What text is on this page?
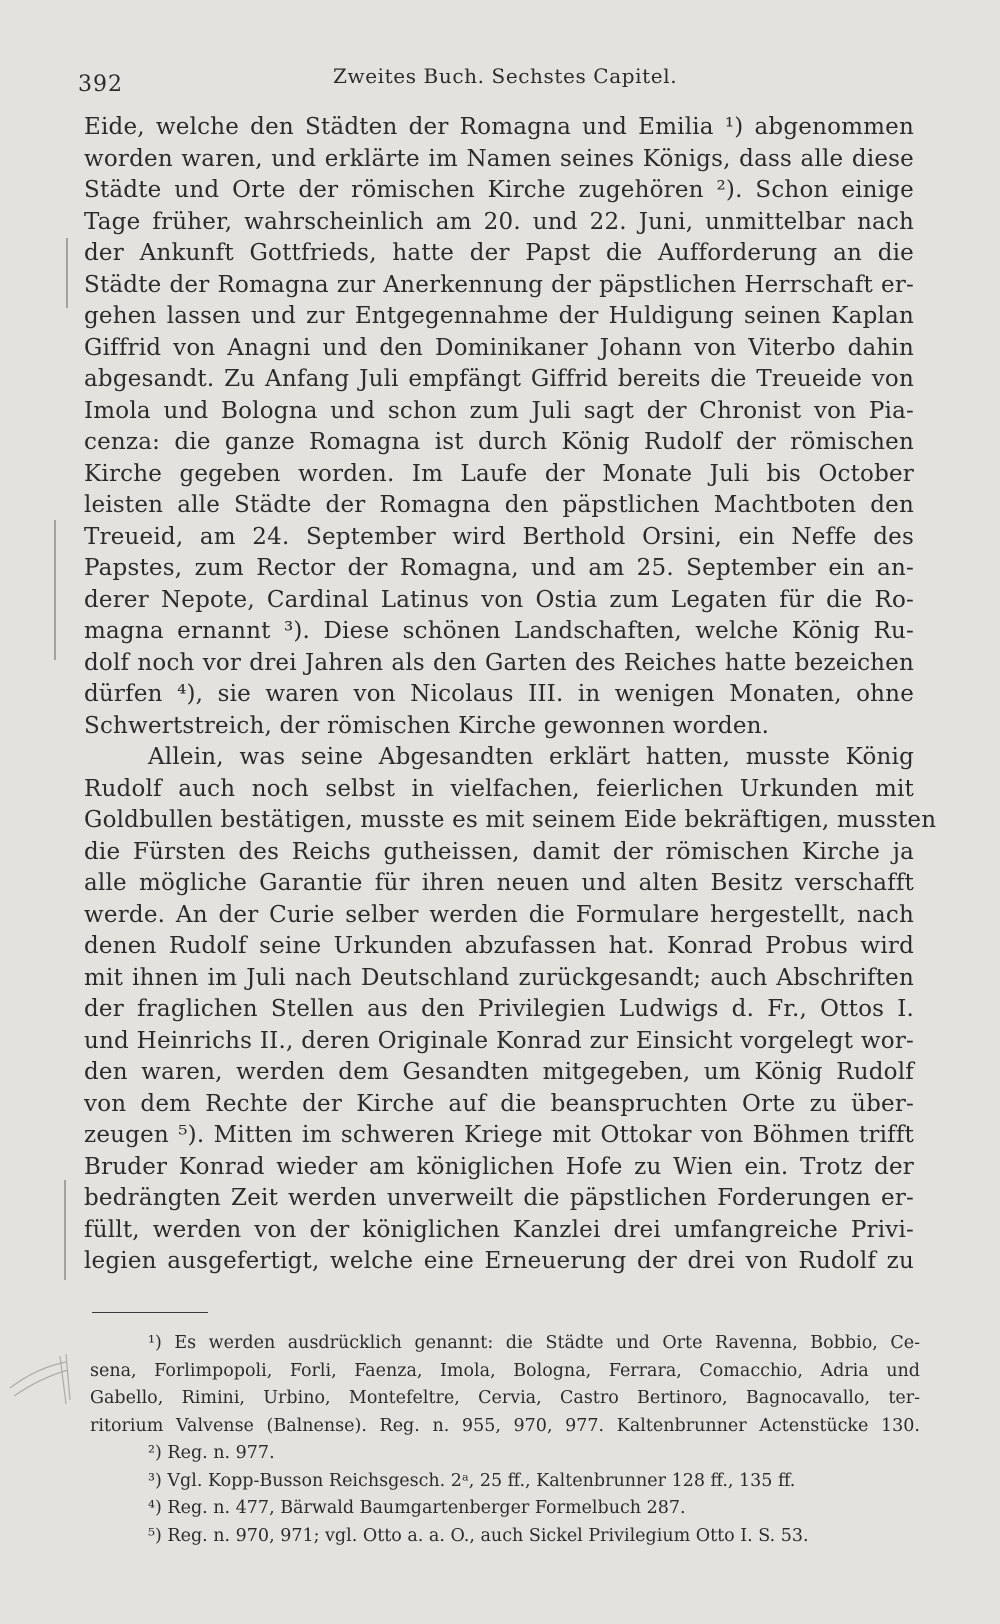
392	Zweites Buch. Sechstes Capitel.
Eide, welche den Städten der Romagna und Emilia ¹) abgenommen
worden waren, und erklärte im Namen seines Königs, dass alle diese
Städte und Orte der römischen Kirche zugehören ²). Schon einige
Tage früher, wahrscheinlich am 20. und 22. Juni, unmittelbar nach
der Ankunft Gottfrieds, hatte der Papst die Aufforderung an die
Städte der Romagna zur Anerkennung der päpstlichen Herrschaft er-
gehen lassen und zur Entgegennahme der Huldigung seinen Kaplan
Giffrid von Anagni und den Dominikaner Johann von Viterbo dahin
abgesandt. Zu Anfang Juli empfängt Giffrid bereits die Treueide von
Imola und Bologna und schon zum Juli sagt der Chronist von Pia-
cenza: die ganze Romagna ist durch König Rudolf der römischen
Kirche gegeben worden. Im Laufe der Monate Juli bis October
leisten alle Städte der Romagna den päpstlichen Machtboten den
Treueid, am 24. September wird Berthold Orsini, ein Neffe des
Papstes, zum Rector der Romagna, und am 25. September ein an-
derer Nepote, Cardinal Latinus von Ostia zum Legaten für die Ro-
magna ernannt ³). Diese schönen Landschaften, welche König Ru-
dolf noch vor drei Jahren als den Garten des Reiches hatte bezeichen
dürfen ⁴), sie waren von Nicolaus III. in wenigen Monaten, ohne
Schwertstreich, der römischen Kirche gewonnen worden.
Allein, was seine Abgesandten erklärt hatten, musste König
Rudolf auch noch selbst in vielfachen, feierlichen Urkunden mit
Goldbullen bestätigen, musste es mit seinem Eide bekräftigen, mussten
die Fürsten des Reichs gutheissen, damit der römischen Kirche ja
alle mögliche Garantie für ihren neuen und alten Besitz verschafft
werde. An der Curie selber werden die Formulare hergestellt, nach
denen Rudolf seine Urkunden abzufassen hat. Konrad Probus wird
mit ihnen im Juli nach Deutschland zurückgesandt; auch Abschriften
der fraglichen Stellen aus den Privilegien Ludwigs d. Fr., Ottos I.
und Heinrichs II., deren Originale Konrad zur Einsicht vorgelegt wor-
den waren, werden dem Gesandten mitgegeben, um König Rudolf
von dem Rechte der Kirche auf die beanspruchten Orte zu über-
zeugen ⁵). Mitten im schweren Kriege mit Ottokar von Böhmen trifft
Bruder Konrad wieder am königlichen Hofe zu Wien ein. Trotz der
bedrängten Zeit werden unverweilt die päpstlichen Forderungen er-
füllt, werden von der königlichen Kanzlei drei umfangreiche Privi-
legien ausgefertigt, welche eine Erneuerung der drei von Rudolf zu
¹) Es werden ausdrücklich genannt: die Städte und Orte Ravenna, Bobbio, Ce-
sena, Forlimpopoli, Forli, Faenza, Imola, Bologna, Ferrara, Comacchio, Adria und
Gabello, Rimini, Urbino, Montefeltre, Cervia, Castro Bertinoro, Bagnocavallo, ter-
ritorium Valvense (Balnense). Reg. n. 955, 970, 977. Kaltenbrunner Actenstücke 130.
²) Reg. n. 977.
³) Vgl. Kopp-Busson Reichsgesch. 2ᵃ, 25 ff., Kaltenbrunner 128 ff., 135 ff.
⁴) Reg. n. 477, Bärwald Baumgartenberger Formelbuch 287.
⁵) Reg. n. 970, 971; vgl. Otto a. a. O., auch Sickel Privilegium Otto I. S. 53.
